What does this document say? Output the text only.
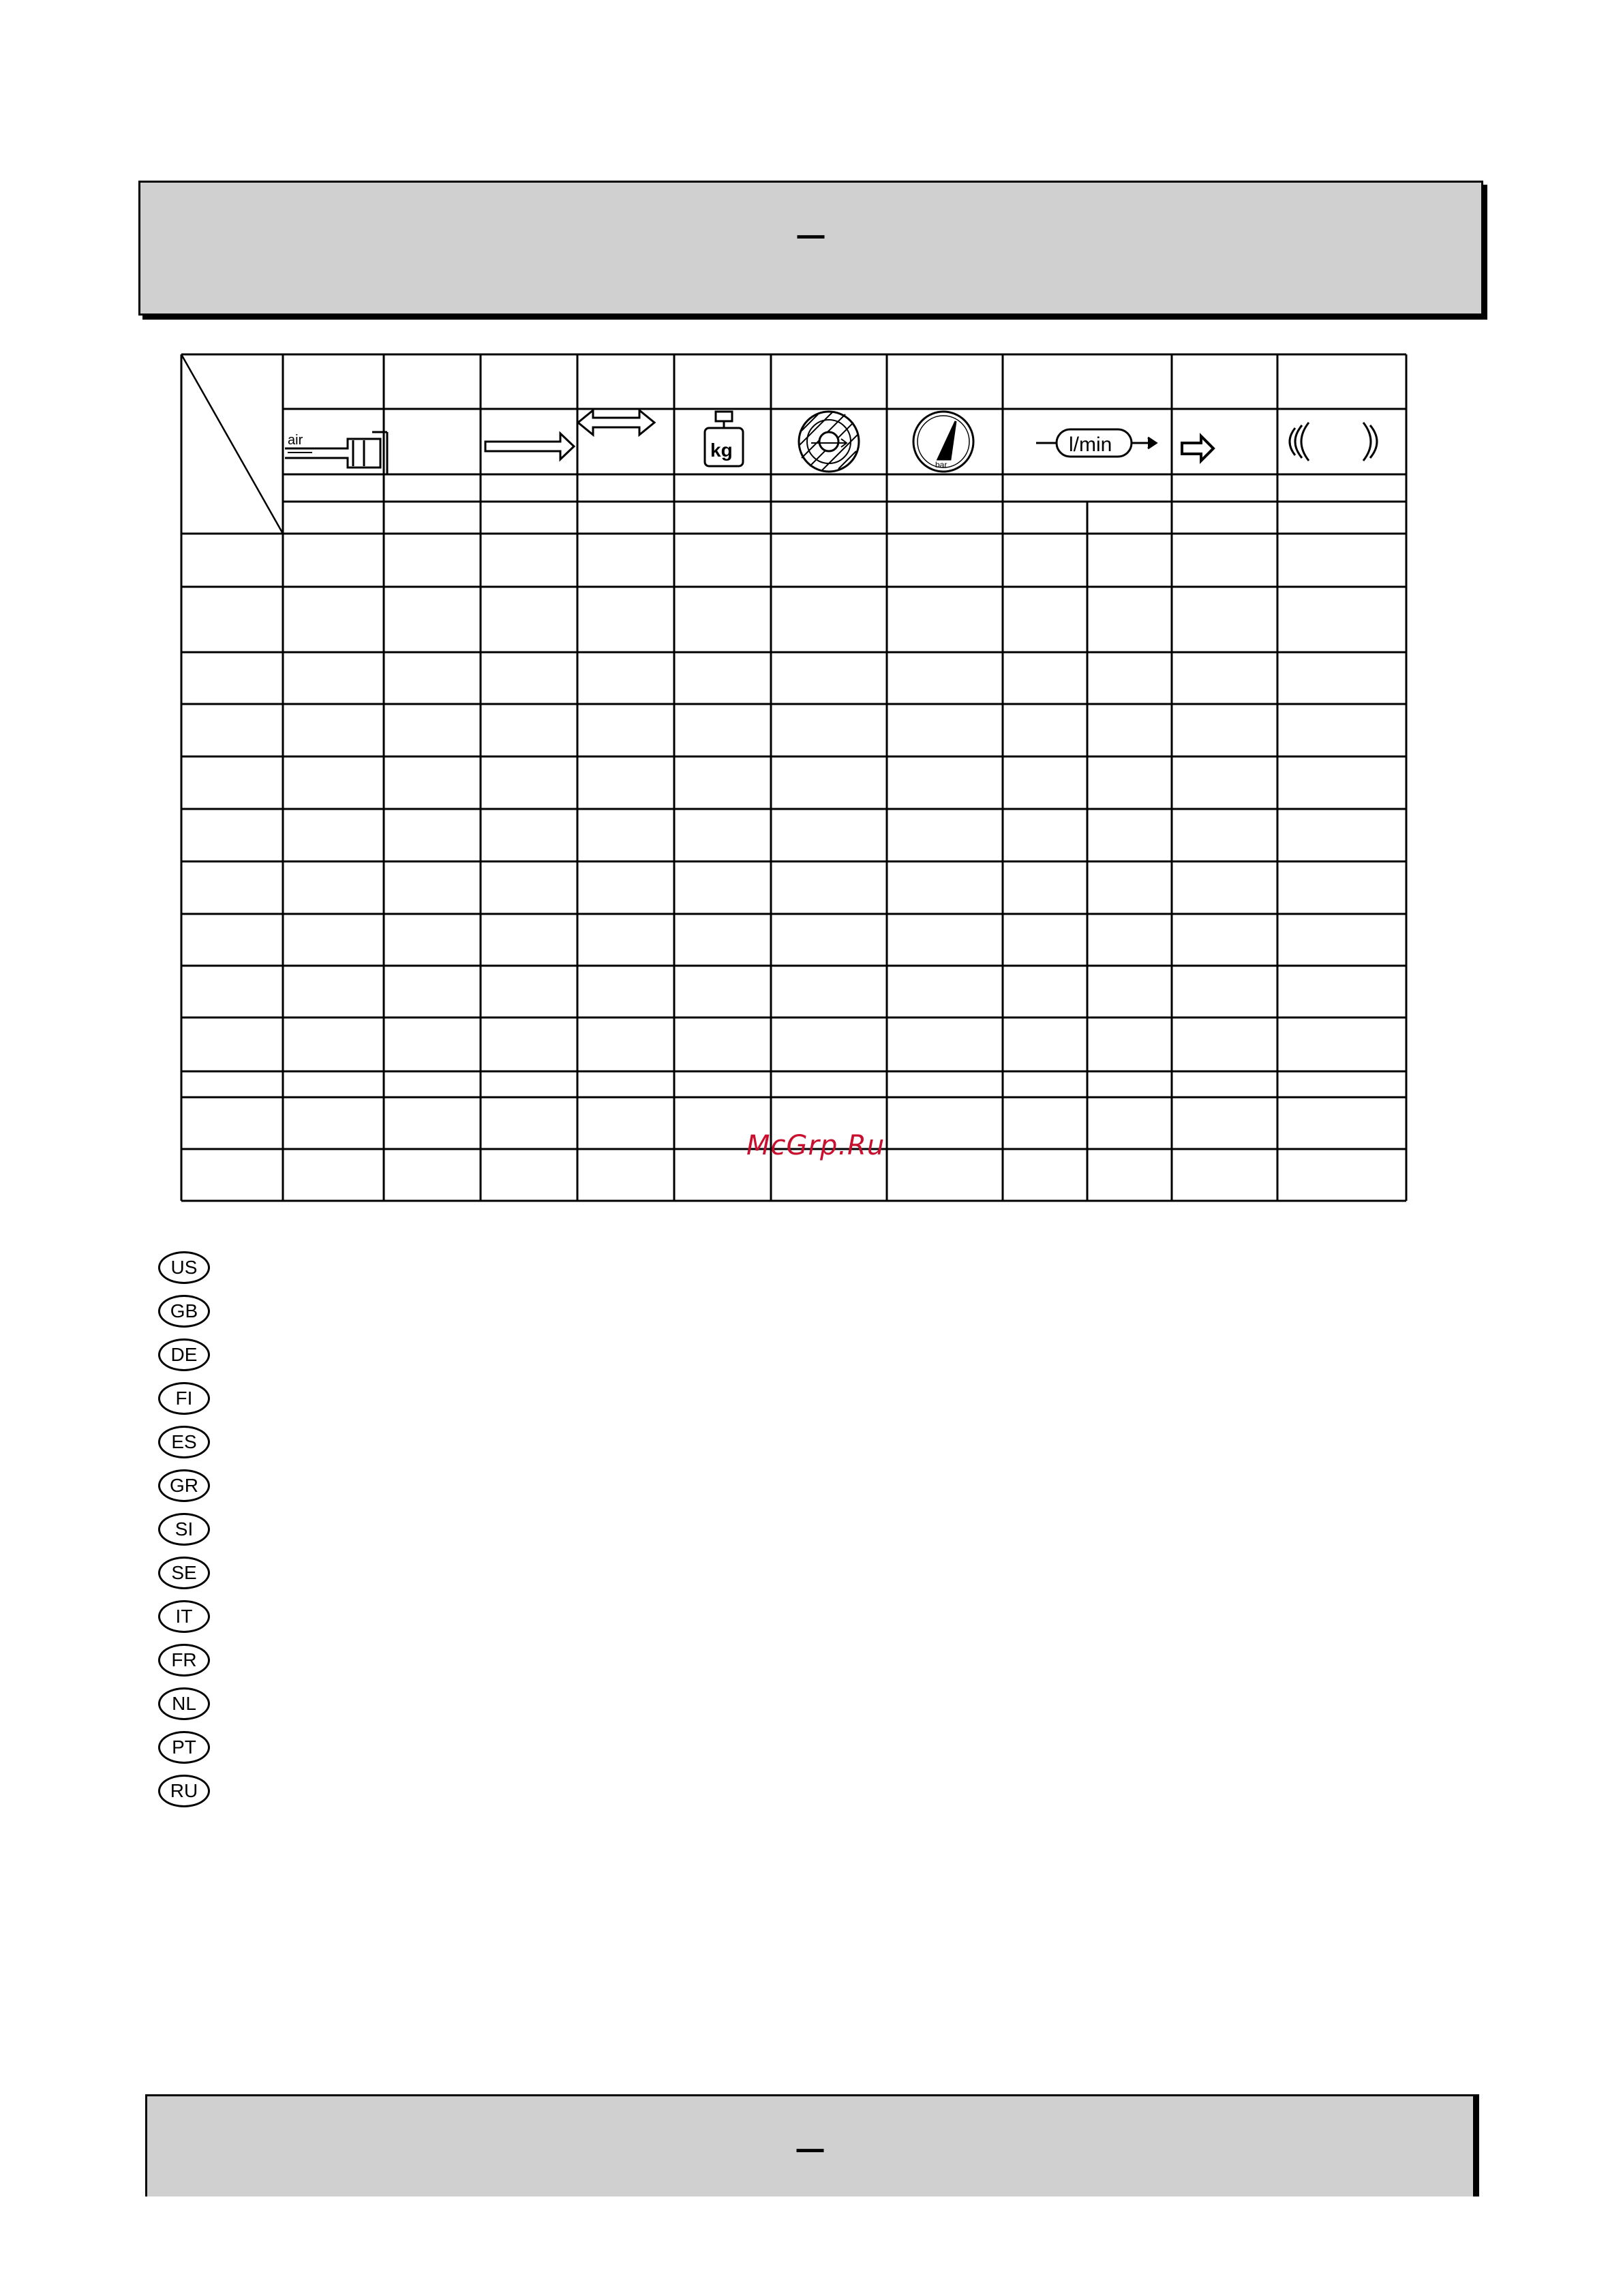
–
air	kg
bar
l/min
McGrp.Ru
US
GB
DE
FI
ES
GR
SI
SE
IT
FR
NL
PT
RU
–
